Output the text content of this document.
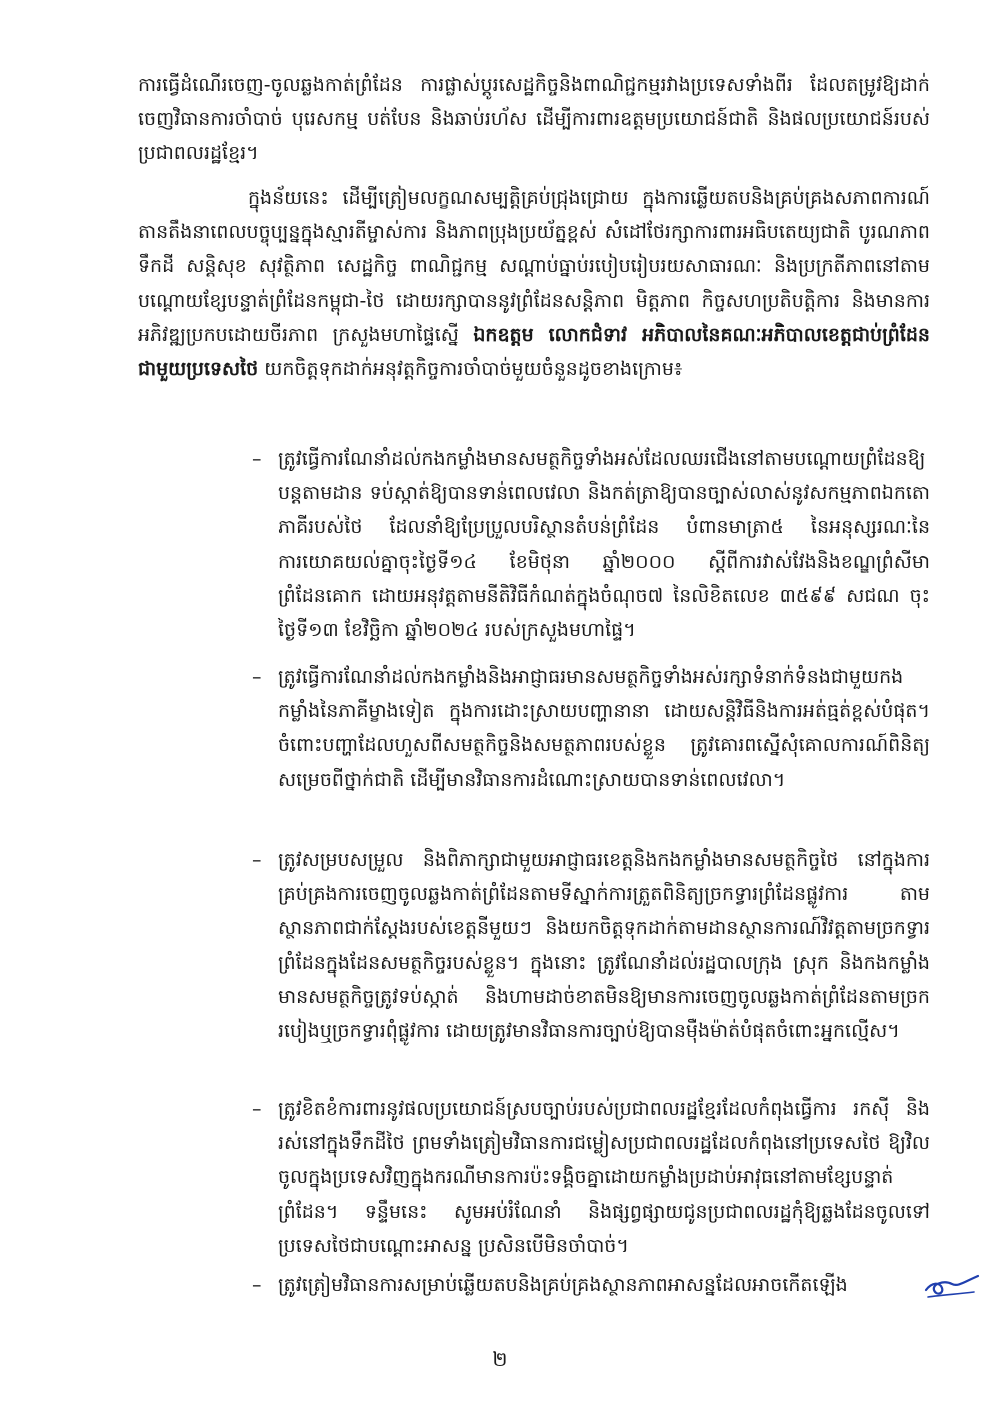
ការធ្វើដំណើរចេញ-ចូលឆ្លងកាត់ព្រំដែន ការផ្លាស់ប្ដូរសេដ្ឋកិច្ចនិងពាណិជ្ជកម្មរវាងប្រទេសទាំងពីរ ដែលតម្រូវឱ្យដាក់ចេញវិធានការចាំបាច់ បុរេសកម្ម បត់បែន និងឆាប់រហ័ស ដើម្បីការពារឧត្តមប្រយោជន៍ជាតិ និងផលប្រយោជន៍របស់ប្រជាពលរដ្ឋខ្មែរ។

ក្នុងន័យនេះ ដើម្បីត្រៀមលក្ខណសម្បត្តិគ្រប់ជ្រុងជ្រោយ ក្នុងការឆ្លើយតបនិងគ្រប់គ្រងសភាពការណ៍តានតឹងនាពេលបច្ចុប្បន្នក្នុងស្មារតីម្ចាស់ការ និងភាពប្រុងប្រយ័ត្នខ្ពស់ សំដៅថែរក្សាការពារអធិបតេយ្យជាតិ បូរណភាពទឹកដី សន្តិសុខ សុវត្ថិភាព សេដ្ឋកិច្ច ពាណិជ្ជកម្ម សណ្ដាប់ធ្នាប់របៀបរៀបរយសាធារណៈ និងប្រក្រតីភាពនៅតាមបណ្ដោយខ្សែបន្ទាត់ព្រំដែនកម្ពុជា-ថៃ ដោយរក្សាបាននូវព្រំដែនសន្តិភាព មិត្តភាព កិច្ចសហប្រតិបត្តិការ និងមានការអភិវឌ្ឍប្រកបដោយចីរភាព ក្រសួងមហាផ្ទៃស្នើ ឯកឧត្ដម លោកជំទាវ អភិបាលនៃគណៈអភិបាលខេត្តជាប់ព្រំដែនជាមួយប្រទេសថៃ យកចិត្តទុកដាក់អនុវត្តកិច្ចការចាំបាច់មួយចំនួនដូចខាងក្រោម៖

– ត្រូវធ្វើការណែនាំដល់កងកម្លាំងមានសមត្ថកិច្ចទាំងអស់ដែលឈរជើងនៅតាមបណ្ដោយព្រំដែនឱ្យបន្តតាមដាន ទប់ស្កាត់ឱ្យបានទាន់ពេលវេលា និងកត់ត្រាឱ្យបានច្បាស់លាស់នូវសកម្មភាពឯកតោភាគីរបស់ថៃ ដែលនាំឱ្យប្រែប្រួលបរិស្ថានតំបន់ព្រំដែន បំពានមាត្រា៥ នៃអនុស្សរណៈនៃការយោគយល់គ្នាចុះថ្ងៃទី១៤ ខែមិថុនា ឆ្នាំ២០០០ ស្ដីពីការវាស់វែងនិងខណ្ឌព្រំសីមាព្រំដែនគោក ដោយអនុវត្តតាមនីតិវិធីកំណត់ក្នុងចំណុច៧ នៃលិខិតលេខ ៣៥៩៩ សជណ ចុះថ្ងៃទី១៣ ខែវិច្ឆិកា ឆ្នាំ២០២៤ របស់ក្រសួងមហាផ្ទៃ។
– ត្រូវធ្វើការណែនាំដល់កងកម្លាំងនិងអាជ្ញាធរមានសមត្ថកិច្ចទាំងអស់រក្សាទំនាក់ទំនងជាមួយកងកម្លាំងនៃភាគីម្ខាងទៀត ក្នុងការដោះស្រាយបញ្ហានានា ដោយសន្តិវិធីនិងការអត់ធ្មត់ខ្ពស់បំផុត។ ចំពោះបញ្ហាដែលហួសពីសមត្ថកិច្ចនិងសមត្ថភាពរបស់ខ្លួន ត្រូវគោរពស្នើសុំគោលការណ៍ពិនិត្យសម្រេចពីថ្នាក់ជាតិ ដើម្បីមានវិធានការដំណោះស្រាយបានទាន់ពេលវេលា។
– ត្រូវសម្របសម្រួល និងពិភាក្សាជាមួយអាជ្ញាធរខេត្តនិងកងកម្លាំងមានសមត្ថកិច្ចថៃ នៅក្នុងការគ្រប់គ្រងការចេញចូលឆ្លងកាត់ព្រំដែនតាមទីស្នាក់ការត្រួតពិនិត្យច្រកទ្វារព្រំដែនផ្លូវការ តាមស្ថានភាពជាក់ស្ដែងរបស់ខេត្តនីមួយៗ និងយកចិត្តទុកដាក់តាមដានស្ថានការណ៍វិវត្តតាមច្រកទ្វារព្រំដែនក្នុងដែនសមត្ថកិច្ចរបស់ខ្លួន។ ក្នុងនោះ ត្រូវណែនាំដល់រដ្ឋបាលក្រុង ស្រុក និងកងកម្លាំងមានសមត្ថកិច្ចត្រូវទប់ស្កាត់ និងហាមដាច់ខាតមិនឱ្យមានការចេញចូលឆ្លងកាត់ព្រំដែនតាមច្រករបៀងឬច្រកទ្វារពុំផ្លូវការ ដោយត្រូវមានវិធានការច្បាប់ឱ្យបានម៉ឺងម៉ាត់បំផុតចំពោះអ្នកល្មើស។
– ត្រូវខិតខំការពារនូវផលប្រយោជន៍ស្របច្បាប់របស់ប្រជាពលរដ្ឋខ្មែរដែលកំពុងធ្វើការ រកស៊ី និងរស់នៅក្នុងទឹកដីថៃ ព្រមទាំងត្រៀមវិធានការជម្លៀសប្រជាពលរដ្ឋដែលកំពុងនៅប្រទេសថៃ ឱ្យវិលចូលក្នុងប្រទេសវិញក្នុងករណីមានការប៉ះទង្គិចគ្នាដោយកម្លាំងប្រដាប់អាវុធនៅតាមខ្សែបន្ទាត់ព្រំដែន។ ទន្ទឹមនេះ សូមអប់រំណែនាំ និងផ្សព្វផ្សាយជូនប្រជាពលរដ្ឋកុំឱ្យឆ្លងដែនចូលទៅប្រទេសថៃជាបណ្ដោះអាសន្ន ប្រសិនបើមិនចាំបាច់។
– ត្រូវត្រៀមវិធានការសម្រាប់ឆ្លើយតបនិងគ្រប់គ្រងស្ថានភាពអាសន្នដែលអាចកើតឡើង
២
